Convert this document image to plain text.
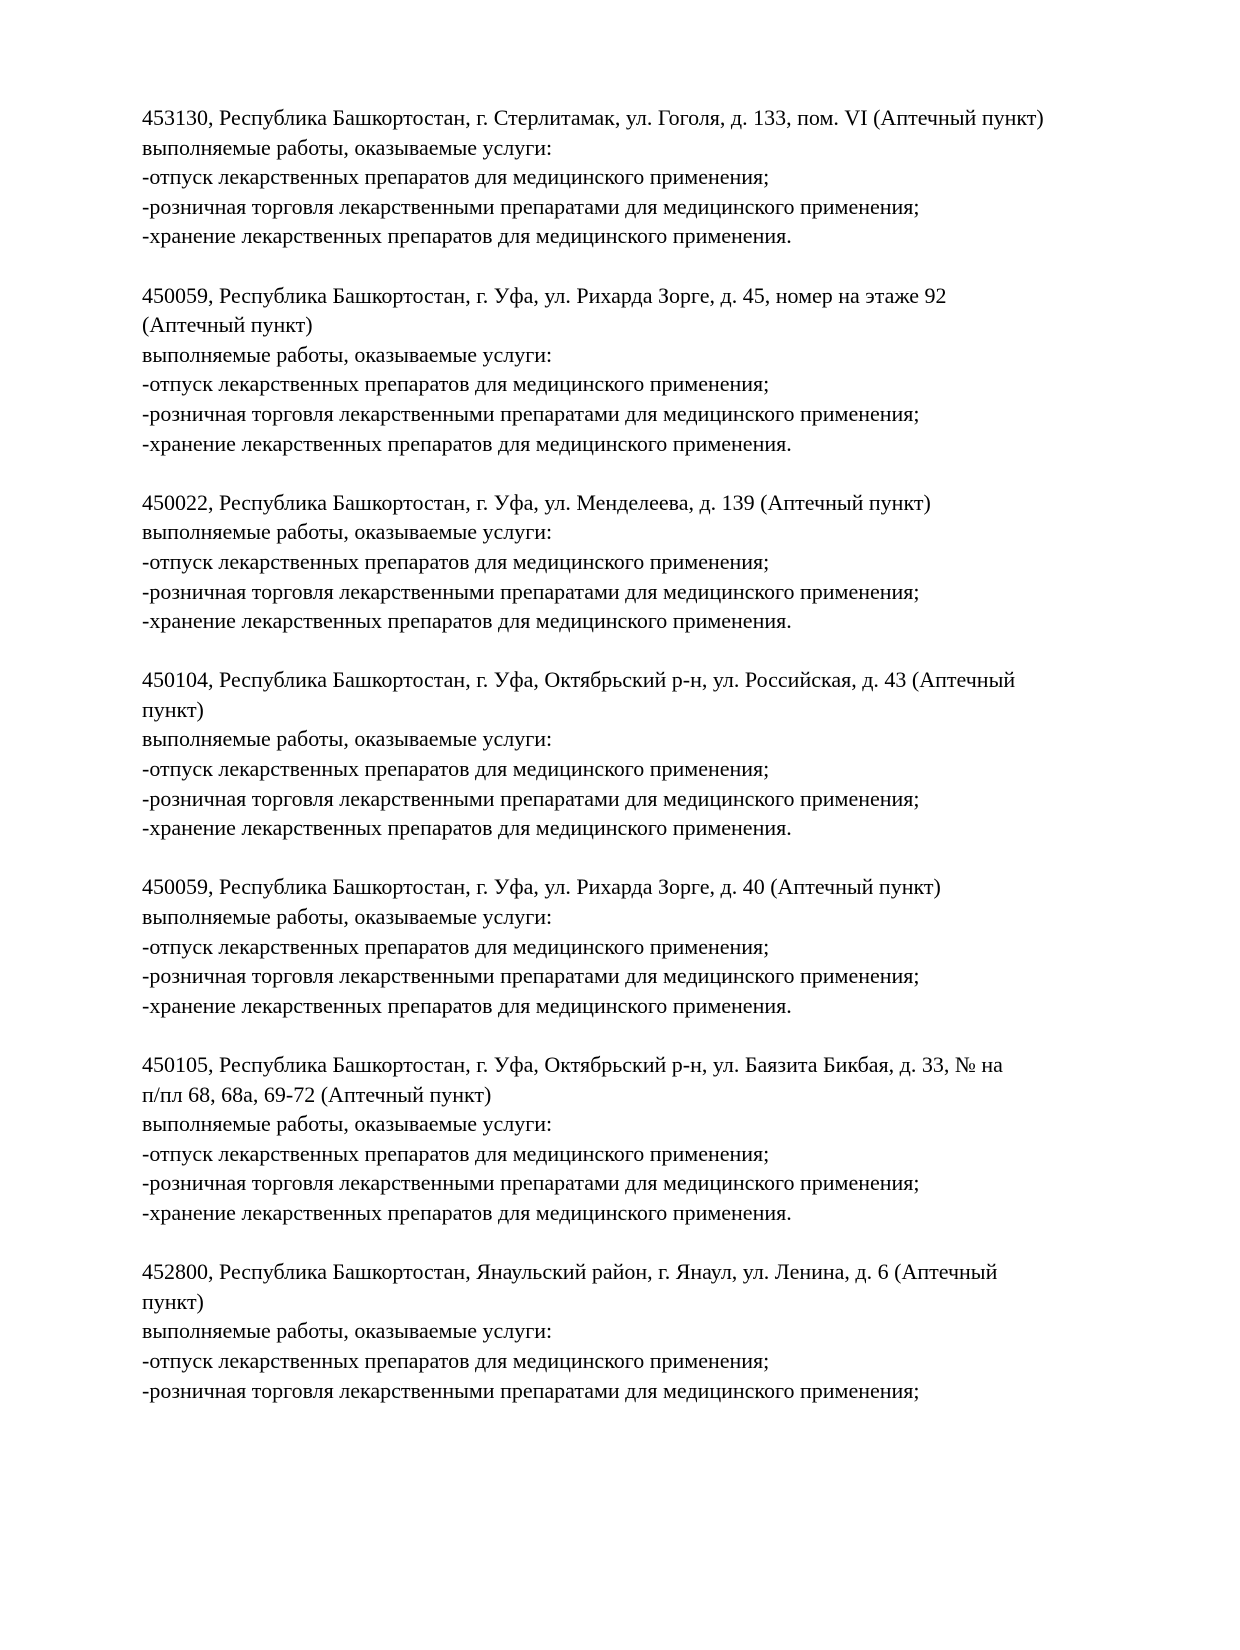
453130, Республика Башкортостан, г. Стерлитамак, ул. Гоголя, д. 133, пом. VI (Аптечный пункт)
выполняемые работы, оказываемые услуги:
-отпуск лекарственных препаратов для медицинского применения;
-розничная торговля лекарственными препаратами для медицинского применения;
-хранение лекарственных препаратов для медицинского применения.
450059, Республика Башкортостан, г. Уфа, ул. Рихарда Зорге, д. 45, номер на этаже 92
(Аптечный пункт)
выполняемые работы, оказываемые услуги:
-отпуск лекарственных препаратов для медицинского применения;
-розничная торговля лекарственными препаратами для медицинского применения;
-хранение лекарственных препаратов для медицинского применения.
450022, Республика Башкортостан, г. Уфа, ул. Менделеева, д. 139 (Аптечный пункт)
выполняемые работы, оказываемые услуги:
-отпуск лекарственных препаратов для медицинского применения;
-розничная торговля лекарственными препаратами для медицинского применения;
-хранение лекарственных препаратов для медицинского применения.
450104, Республика Башкортостан, г. Уфа, Октябрьский р-н, ул. Российская, д. 43 (Аптечный
пункт)
выполняемые работы, оказываемые услуги:
-отпуск лекарственных препаратов для медицинского применения;
-розничная торговля лекарственными препаратами для медицинского применения;
-хранение лекарственных препаратов для медицинского применения.
450059, Республика Башкортостан, г. Уфа, ул. Рихарда Зорге, д. 40 (Аптечный пункт)
выполняемые работы, оказываемые услуги:
-отпуск лекарственных препаратов для медицинского применения;
-розничная торговля лекарственными препаратами для медицинского применения;
-хранение лекарственных препаратов для медицинского применения.
450105, Республика Башкортостан, г. Уфа, Октябрьский р-н, ул. Баязита Бикбая, д. 33, № на
п/пл 68, 68а, 69-72 (Аптечный пункт)
выполняемые работы, оказываемые услуги:
-отпуск лекарственных препаратов для медицинского применения;
-розничная торговля лекарственными препаратами для медицинского применения;
-хранение лекарственных препаратов для медицинского применения.
452800, Республика Башкортостан, Янаульский район, г. Янаул, ул. Ленина, д. 6 (Аптечный
пункт)
выполняемые работы, оказываемые услуги:
-отпуск лекарственных препаратов для медицинского применения;
-розничная торговля лекарственными препаратами для медицинского применения;
